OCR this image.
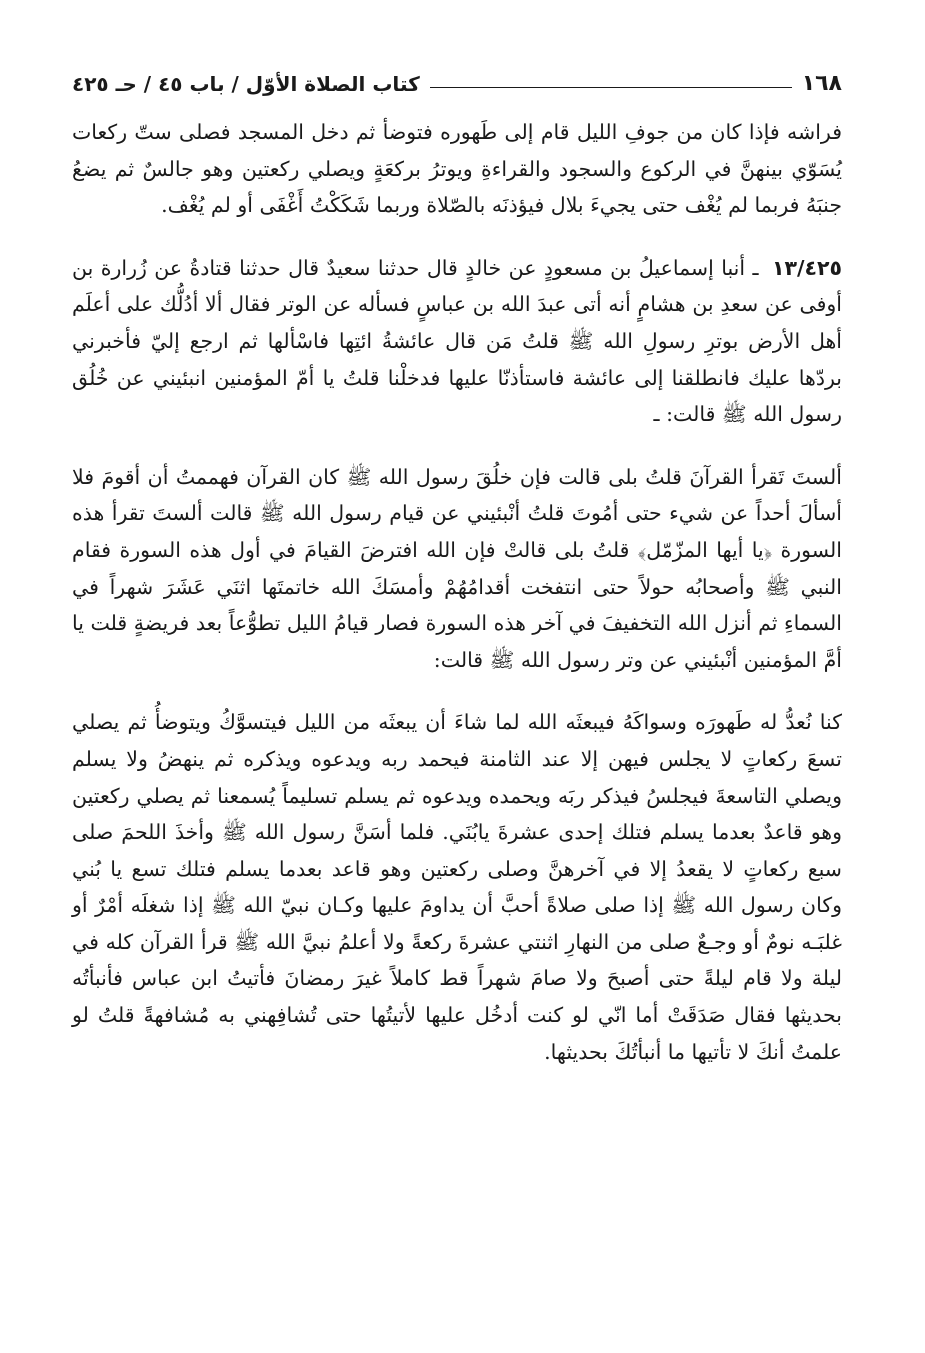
١٦٨
كتاب الصلاة الأوّل / باب ٤٥ / حـ ٤٢٥

فراشه فإذا كان من جوفِ الليل قام إلى طَهوره فتوضأ ثم دخل المسجد فصلى ستّ ركعات يُسَوّي بينهنَّ في الركوع والسجود والقراءةِ ويوترُ بركعَةٍ ويصلي ركعتين وهو جالسٌ ثم يضعُ جنبَهُ فربما لم يُغْف حتى يجيءَ بلال فيؤذنَه بالصّلاة وربما شَكَكْتُ أَغْفَى أو لم يُغْف.

١٣/٤٢٥ ـ أنبا إسماعيلُ بن مسعودٍ عن خالدٍ قال حدثنا سعيدٌ قال حدثنا قتادةُ عن زُرارة بن أوفى عن سعدِ بن هشامٍ أنه أتى عبدَ الله بن عباسٍ فسأله عن الوتر فقال ألا أدُلُّك على أعلَم أهل الأرض بوترِ رسولِ الله ﷺ قلتُ مَن قال عائشةُ ائتِها فاسْألها ثم ارجع إليّ فأخبرني بردّها عليك فانطلقنا إلى عائشة فاستأذنّا عليها فدخلْنا قلتُ يا أمّ المؤمنين انبئيني عن خُلُق رسول الله ﷺ قالت: ـ

ألستَ تَقرأ القرآنَ قلتُ بلى قالت فإن خلُقَ رسول الله ﷺ كان القرآن فهممتُ أن أقومَ فلا أسألَ أحداً عن شيء حتى أمُوتَ قلتُ أنْبئيني عن قيام رسول الله ﷺ قالت ألستَ تقرأ هذه السورة ﴿يا أيها المزّمّل﴾ قلتُ بلى قالتْ فإن الله افترضَ القيامَ في أول هذه السورة فقام النبي ﷺ وأصحابُه حولاً حتى انتفخت أقدامُهُمْ وأمسَكَ الله خاتمتَها اثنَي عَشَرَ شهراً في السماءِ ثم أنزل الله التخفيفَ في آخر هذه السورة فصار قيامُ الليل تطوُّعاً بعد فريضةٍ قلت يا أمَّ المؤمنين أنْبئيني عن وتر رسول الله ﷺ قالت:

كنا نُعدُّ له طَهورَه وسواكَهُ فيبعثَه الله لما شاءَ أن يبعثَه من الليل فيتسوَّكُ ويتوضأُ ثم يصلي تسعَ ركعاتٍ لا يجلس فيهن إلا عند الثامنة فيحمد ربه ويدعوه ويذكره ثم ينهضُ ولا يسلم ويصلي التاسعةَ فيجلسُ فيذكر ربَه ويحمده ويدعوه ثم يسلم تسليماً يُسمعنا ثم يصلي ركعتين وهو قاعدٌ بعدما يسلم فتلك إحدى عشرةَ يابُنَي. فلما أسَنَّ رسول الله ﷺ وأخذَ اللحمَ صلى سبع ركعاتٍ لا يقعدُ إلا في آخرهنَّ وصلى ركعتين وهو قاعد بعدما يسلم فتلك تسع يا بُني وكان رسول الله ﷺ إذا صلى صلاةً أحبَّ أن يداومَ عليها وكـان نبيّ الله ﷺ إذا شغلَه أمْرٌ أو غلبَـه نومٌ أو وجـعٌ صلى من النهارِ اثنتي عشرةَ ركعةً ولا أعلمُ نبيَّ الله ﷺ قرأ القرآن كله في ليلة ولا قام ليلةً حتى أصبحَ ولا صامَ شهراً قط كاملاً غيرَ رمضانَ فأتيتُ ابن عباس فأنبأتُه بحديثها فقال صَدَقَتْ أما انّي لو كنت أدخُل عليها لأتيتُها حتى تُشافِهني به مُشافهةً قلتُ لو علمتُ أنكَ لا تأتيها ما أنبأتُكَ بحديثها.
